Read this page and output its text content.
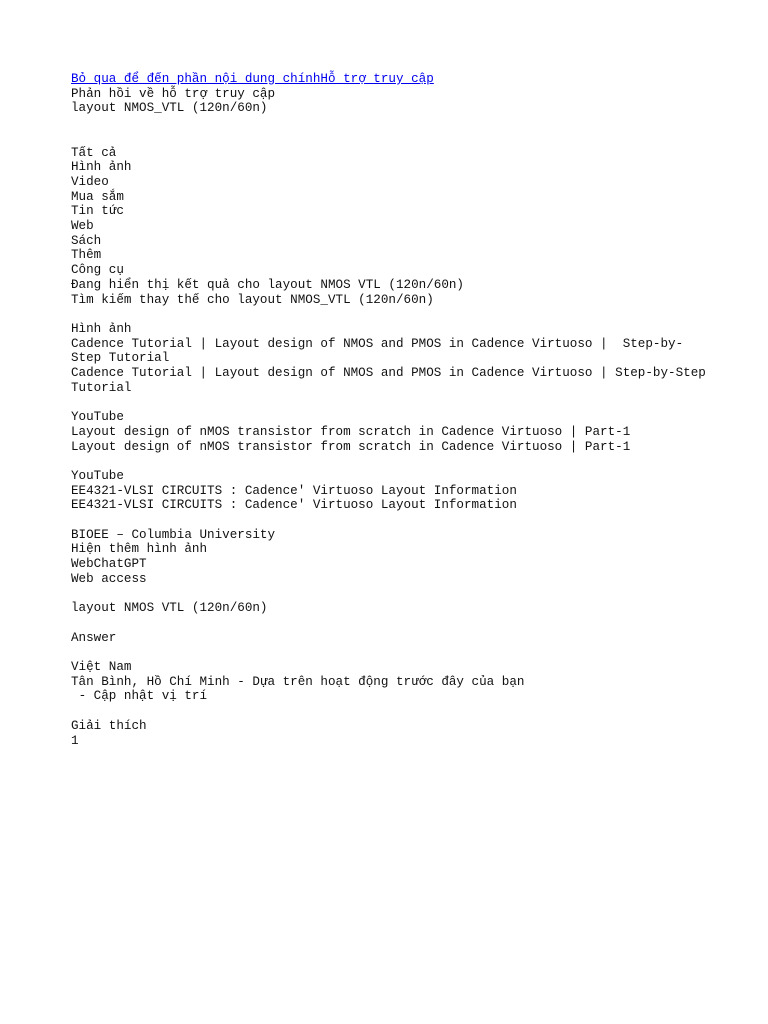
Bỏ qua để đến phần nội dung chínhHỗ trợ truy cập
Phản hồi về hỗ trợ truy cập
layout NMOS_VTL (120n/60n)
Tất cả
Hình ảnh
Video
Mua sắm
Tin tức
Web
Sách
Thêm
Công cụ
Đang hiển thị kết quả cho layout NMOS VTL (120n/60n)
Tìm kiếm thay thế cho layout NMOS_VTL (120n/60n)
Hình ảnh
Cadence Tutorial | Layout design of NMOS and PMOS in Cadence Virtuoso |  Step-by-Step Tutorial
Cadence Tutorial | Layout design of NMOS and PMOS in Cadence Virtuoso | Step-by-Step Tutorial
YouTube
Layout design of nMOS transistor from scratch in Cadence Virtuoso | Part-1
Layout design of nMOS transistor from scratch in Cadence Virtuoso | Part-1
YouTube
EE4321-VLSI CIRCUITS : Cadence' Virtuoso Layout Information
EE4321-VLSI CIRCUITS : Cadence' Virtuoso Layout Information
BIOEE – Columbia University
Hiện thêm hình ảnh
WebChatGPT
Web access
layout NMOS VTL (120n/60n)
Answer
Việt Nam
Tân Bình, Hồ Chí Minh - Dựa trên hoạt động trước đây của bạn
- Cập nhật vị trí
Giải thích
1
